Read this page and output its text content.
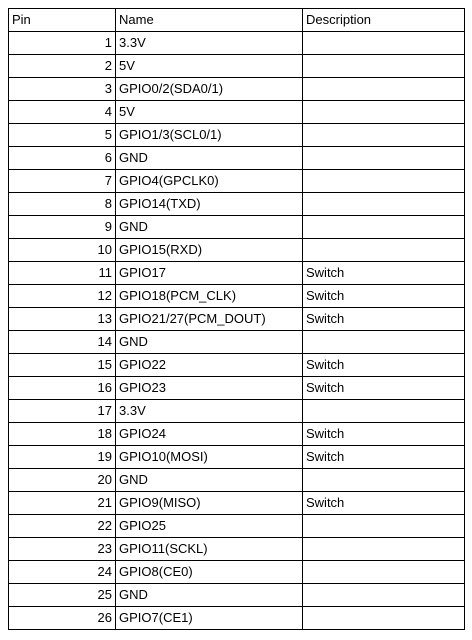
Pin	Name	Description
1	3.3V	
2	5V	
3	GPIO0/2(SDA0/1)	
4	5V	
5	GPIO1/3(SCL0/1)	
6	GND	
7	GPIO4(GPCLK0)	
8	GPIO14(TXD)	
9	GND	
10	GPIO15(RXD)	
11	GPIO17	Switch
12	GPIO18(PCM_CLK)	Switch
13	GPIO21/27(PCM_DOUT)	Switch
14	GND	
15	GPIO22	Switch
16	GPIO23	Switch
17	3.3V	
18	GPIO24	Switch
19	GPIO10(MOSI)	Switch
20	GND	
21	GPIO9(MISO)	Switch
22	GPIO25	
23	GPIO11(SCKL)	
24	GPIO8(CE0)	
25	GND	
26	GPIO7(CE1)	
